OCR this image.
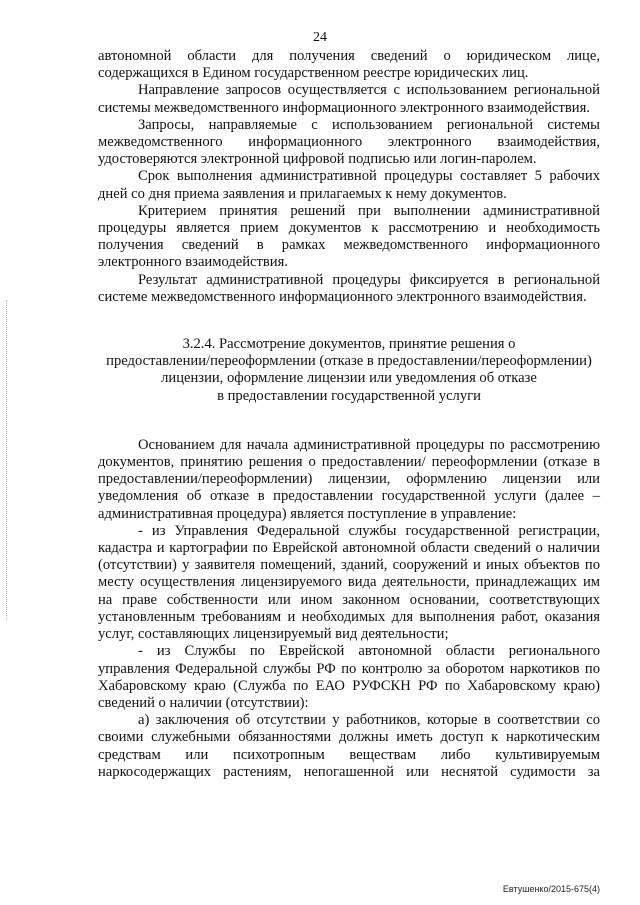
24

автономной области для получения сведений о юридическом лице, содержащихся в Едином государственном реестре юридических лиц.

Направление запросов осуществляется с использованием региональной системы межведомственного информационного электронного взаимодействия.

Запросы, направляемые с использованием региональной системы межведомственного информационного электронного взаимодействия, удостоверяются электронной цифровой подписью или логин-паролем.

Срок выполнения административной процедуры составляет 5 рабочих дней со дня приема заявления и прилагаемых к нему документов.

Критерием принятия решений при выполнении административной процедуры является прием документов к рассмотрению и необходимость получения сведений в рамках межведомственного информационного электронного взаимодействия.

Результат административной процедуры фиксируется в региональной системе межведомственного информационного электронного взаимодействия.

3.2.4. Рассмотрение документов, принятие решения о
предоставлении/переоформлении (отказе в предоставлении/переоформлении)
лицензии, оформление лицензии или уведомления об отказе
в предоставлении государственной услуги

Основанием для начала административной процедуры по рассмотрению документов, принятию решения о предоставлении/ переоформлении (отказе в предоставлении/переоформлении) лицензии, оформлению лицензии или уведомления об отказе в предоставлении государственной услуги (далее – административная процедура) является поступление в управление:

- из Управления Федеральной службы государственной регистрации, кадастра и картографии по Еврейской автономной области сведений о наличии (отсутствии) у заявителя помещений, зданий, сооружений и иных объектов по месту осуществления лицензируемого вида деятельности, принадлежащих им на праве собственности или ином законном основании, соответствующих установленным требованиям и необходимых для выполнения работ, оказания услуг, составляющих лицензируемый вид деятельности;

- из Службы по Еврейской автономной области регионального управления Федеральной службы РФ по контролю за оборотом наркотиков по Хабаровскому краю (Служба по ЕАО РУФСКН РФ по Хабаровскому краю) сведений о наличии (отсутствии):

а) заключения об отсутствии у работников, которые в соответствии со своими служебными обязанностями должны иметь доступ к наркотическим средствам или психотропным веществам либо культивируемым наркосодержащих растениям, непогашенной или неснятой судимости за

Евтушенко/2015-675(4)
